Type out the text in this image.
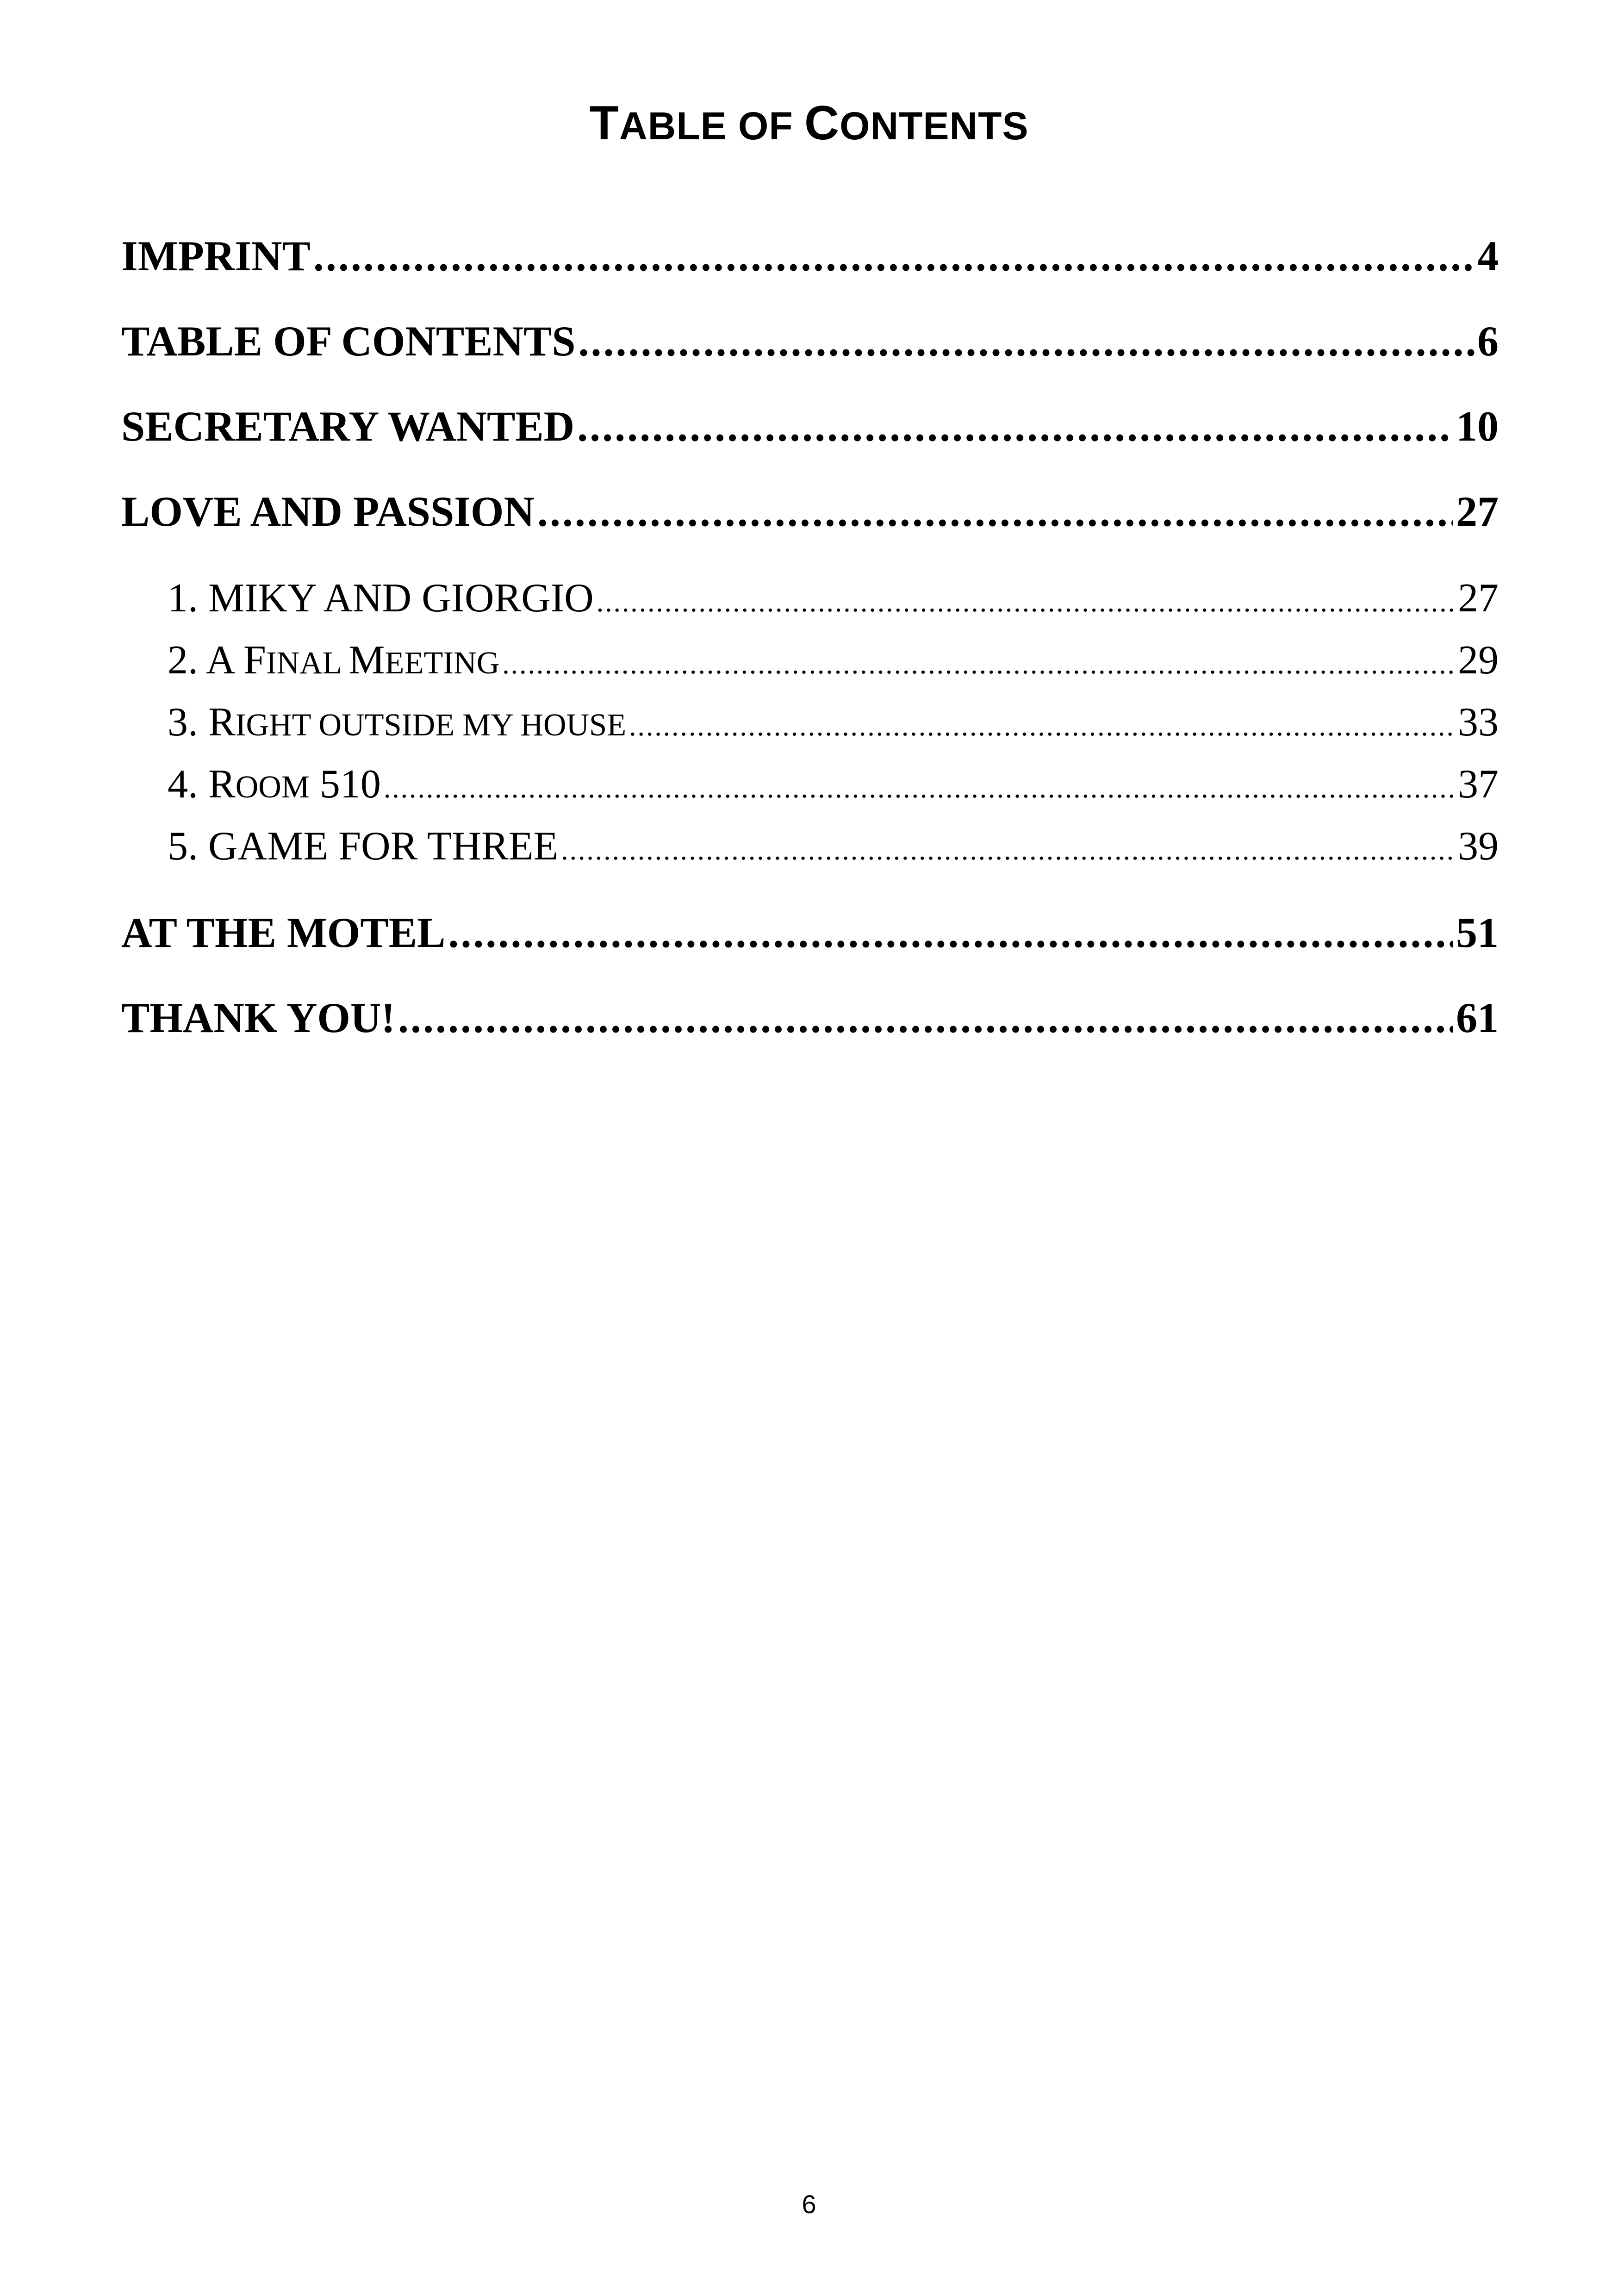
TABLE OF CONTENTS
IMPRINT .....	4
TABLE OF CONTENTS .....	6
SECRETARY WANTED .....	10
LOVE AND PASSION .....	27
1. MIKY AND GIORGIO .....	27
2. A FINAL MEETING .....	29
3. RIGHT OUTSIDE MY HOUSE .....	33
4. ROOM 510 .....	37
5. GAME FOR THREE .....	39
AT THE MOTEL .....	51
THANK YOU! .....	61
6
